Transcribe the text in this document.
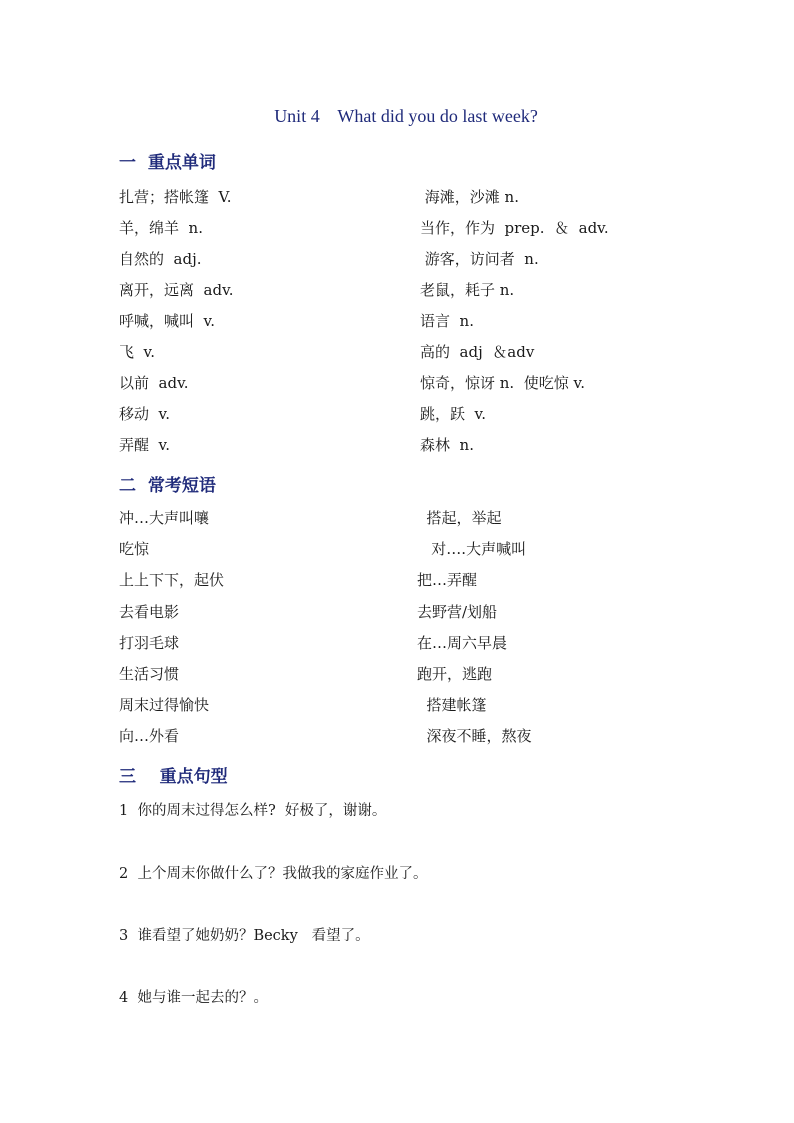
Unit 4    What did you do last week?
一  重点单词
扎营；搭帐篷  V.	海滩，沙滩 n.
羊，绵羊  n.	当作，作为  prep.  ＆  adv.
自然的  adj.	游客，访问者  n.
离开，远离  adv.	老鼠，耗子 n.
呼喊，喊叫  v.	语言  n.
飞  v.	高的  adj  ＆adv
以前  adv.	惊奇，惊讶 n.  使吃惊 v.
移动  v.	跳，跃  v.
弄醒  v.	森林  n.
二  常考短语
冲…大声叫嚷	搭起，举起
吃惊	对….大声喊叫
上上下下，起伏	把…弄醒
去看电影	去野营/划船
打羽毛球	在…周六早晨
生活习惯	跑开，逃跑
周末过得愉快	搭建帐篷
向…外看	深夜不睡，熬夜
三    重点句型
1  你的周末过得怎么样?  好极了，谢谢。
2  上个周末你做什么了？我做我的家庭作业了。
3  谁看望了她奶奶？Becky   看望了。
4  她与谁一起去的？。
